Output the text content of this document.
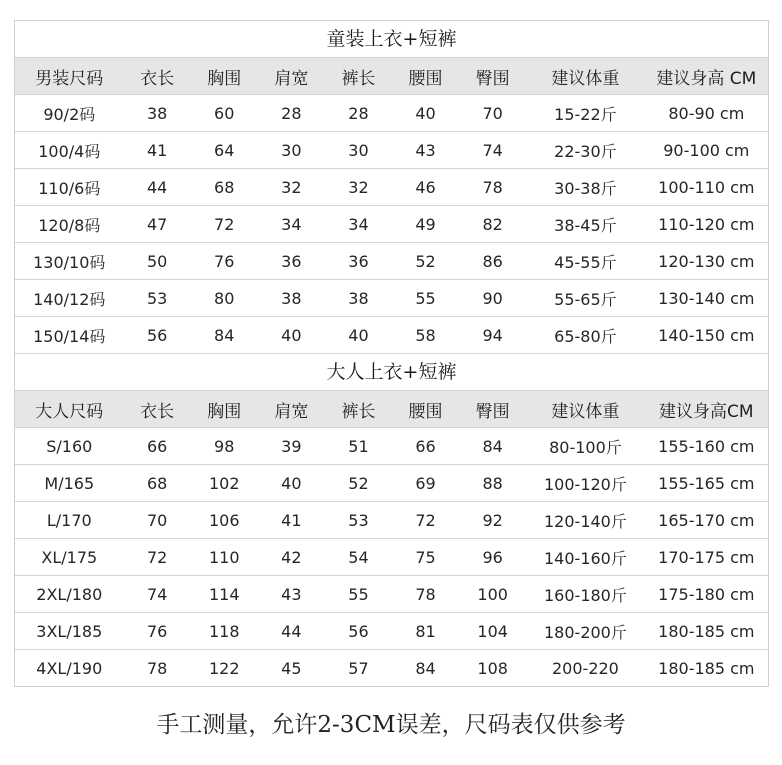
童装上衣+短裤
男装尺码	衣长	胸围	肩宽	裤长	腰围	臀围	建议体重	建议身高 CM
90/2码	38	60	28	28	40	70	15-22斤	80-90 cm
100/4码	41	64	30	30	43	74	22-30斤	90-100 cm
110/6码	44	68	32	32	46	78	30-38斤	100-110 cm
120/8码	47	72	34	34	49	82	38-45斤	110-120 cm
130/10码	50	76	36	36	52	86	45-55斤	120-130 cm
140/12码	53	80	38	38	55	90	55-65斤	130-140 cm
150/14码	56	84	40	40	58	94	65-80斤	140-150 cm
大人上衣+短裤
大人尺码	衣长	胸围	肩宽	裤长	腰围	臀围	建议体重	建议身高CM
S/160	66	98	39	51	66	84	80-100斤	155-160 cm
M/165	68	102	40	52	69	88	100-120斤	155-165 cm
L/170	70	106	41	53	72	92	120-140斤	165-170 cm
XL/175	72	110	42	54	75	96	140-160斤	170-175 cm
2XL/180	74	114	43	55	78	100	160-180斤	175-180 cm
3XL/185	76	118	44	56	81	104	180-200斤	180-185 cm
4XL/190	78	122	45	57	84	108	200-220	180-185 cm
手工测量，允许2-3CM误差，尺码表仅供参考
